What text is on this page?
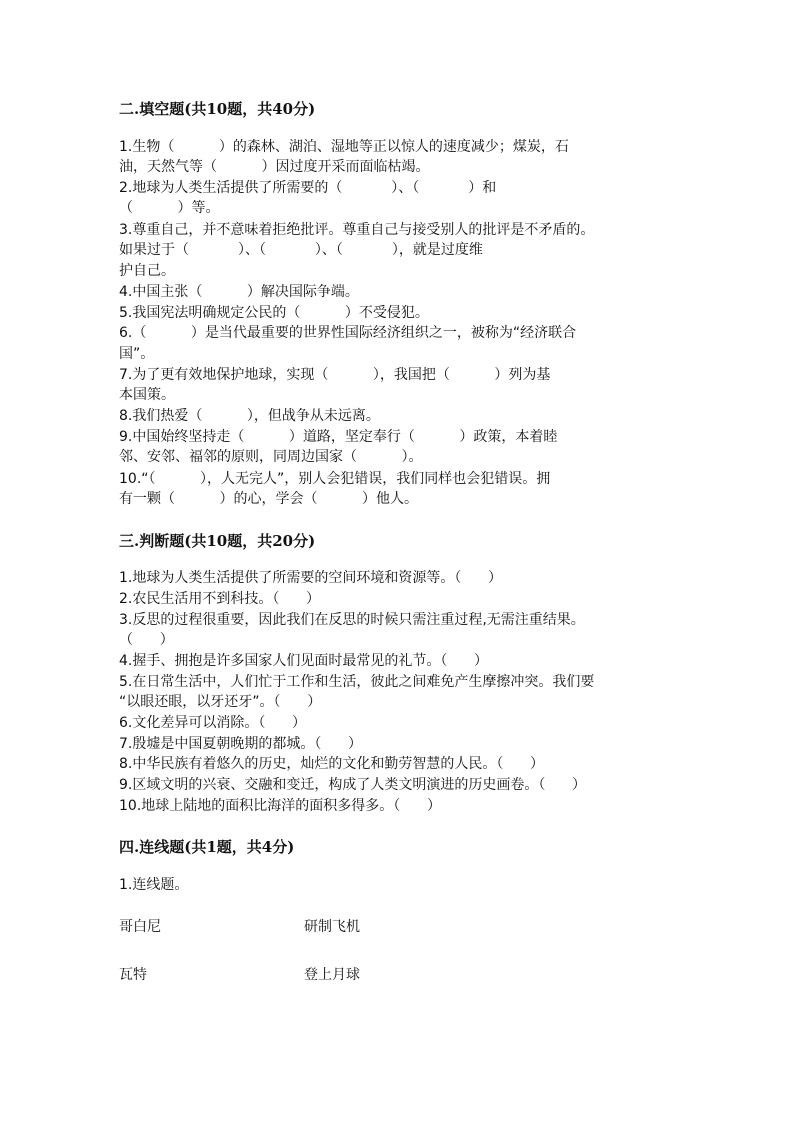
二.填空题(共10题，共40分)
1.生物（          ）的森林、湖泊、湿地等正以惊人的速度减少；煤炭，石
油，天然气等（          ）因过度开采而面临枯竭。
2.地球为人类生活提供了所需要的（           ）、（           ）和
（          ）等。
3.尊重自己，并不意味着拒绝批评。尊重自己与接受别人的批评是不矛盾的。
如果过于（           ）、（           ）、（           ），就是过度维
护自己。
4.中国主张（          ）解决国际争端。
5.我国宪法明确规定公民的（          ）不受侵犯。
6.（          ）是当代最重要的世界性国际经济组织之一，被称为“经济联合
国”。
7.为了更有效地保护地球，实现（          ），我国把（          ）列为基
本国策。
8.我们热爱（          ），但战争从未远离。
9.中国始终坚持走（          ）道路，坚定奉行（          ）政策，本着睦
邻、安邻、福邻的原则，同周边国家（          ）。
10.“（          ），人无完人”，别人会犯错误，我们同样也会犯错误。拥
有一颗（          ）的心，学会（          ）他人。
三.判断题(共10题，共20分)
1.地球为人类生活提供了所需要的空间环境和资源等。（      ）
2.农民生活用不到科技。（      ）
3.反思的过程很重要，因此我们在反思的时候只需注重过程,无需注重结果。
（      ）
4.握手、拥抱是许多国家人们见面时最常见的礼节。（      ）
5.在日常生活中，人们忙于工作和生活，彼此之间难免产生摩擦冲突。我们要
“以眼还眼，以牙还牙”。（      ）
6.文化差异可以消除。（      ）
7.殷墟是中国夏朝晚期的都城。（      ）
8.中华民族有着悠久的历史，灿烂的文化和勤劳智慧的人民。（      ）
9.区域文明的兴衰、交融和变迁，构成了人类文明演进的历史画卷。（      ）
10.地球上陆地的面积比海洋的面积多得多。（      ）
四.连线题(共1题，共4分)
1.连线题。
哥白尼	研制飞机
瓦特	登上月球
